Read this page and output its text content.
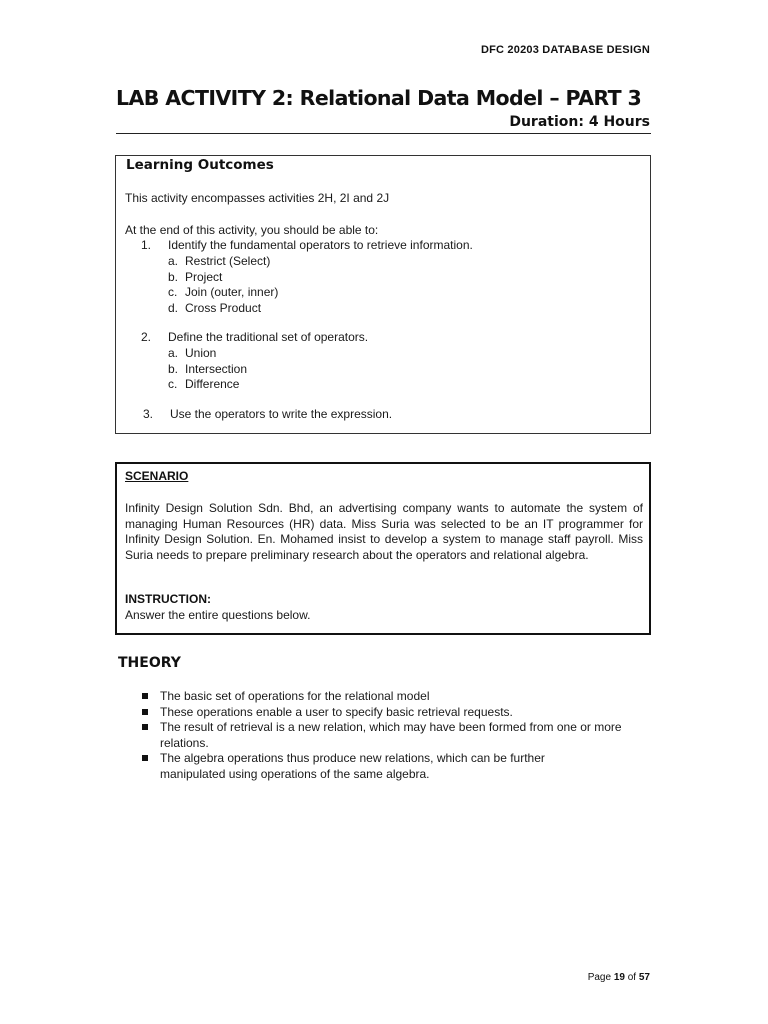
DFC 20203 DATABASE DESIGN
LAB ACTIVITY 2: Relational Data Model – PART 3
Duration: 4 Hours
Learning Outcomes
This activity encompasses activities 2H, 2I and 2J
At the end of this activity, you should be able to:
1.	Identify the fundamental operators to retrieve information.
a. Restrict (Select)
b. Project
c. Join (outer, inner)
d. Cross Product
2.	Define the traditional set of operators.
a. Union
b. Intersection
c. Difference
3.	Use the operators to write the expression.
SCENARIO
Infinity Design Solution Sdn. Bhd, an advertising company wants to automate the system of managing Human Resources (HR) data. Miss Suria was selected to be an IT programmer for Infinity Design Solution. En. Mohamed insist to develop a system to manage staff payroll. Miss Suria needs to prepare preliminary research about the operators and relational algebra.
INSTRUCTION:
Answer the entire questions below.
THEORY
The basic set of operations for the relational model
These operations enable a user to specify basic retrieval requests.
The result of retrieval is a new relation, which may have been formed from one or more relations.
The algebra operations thus produce new relations, which can be further manipulated using operations of the same algebra.
Page 19 of 57
